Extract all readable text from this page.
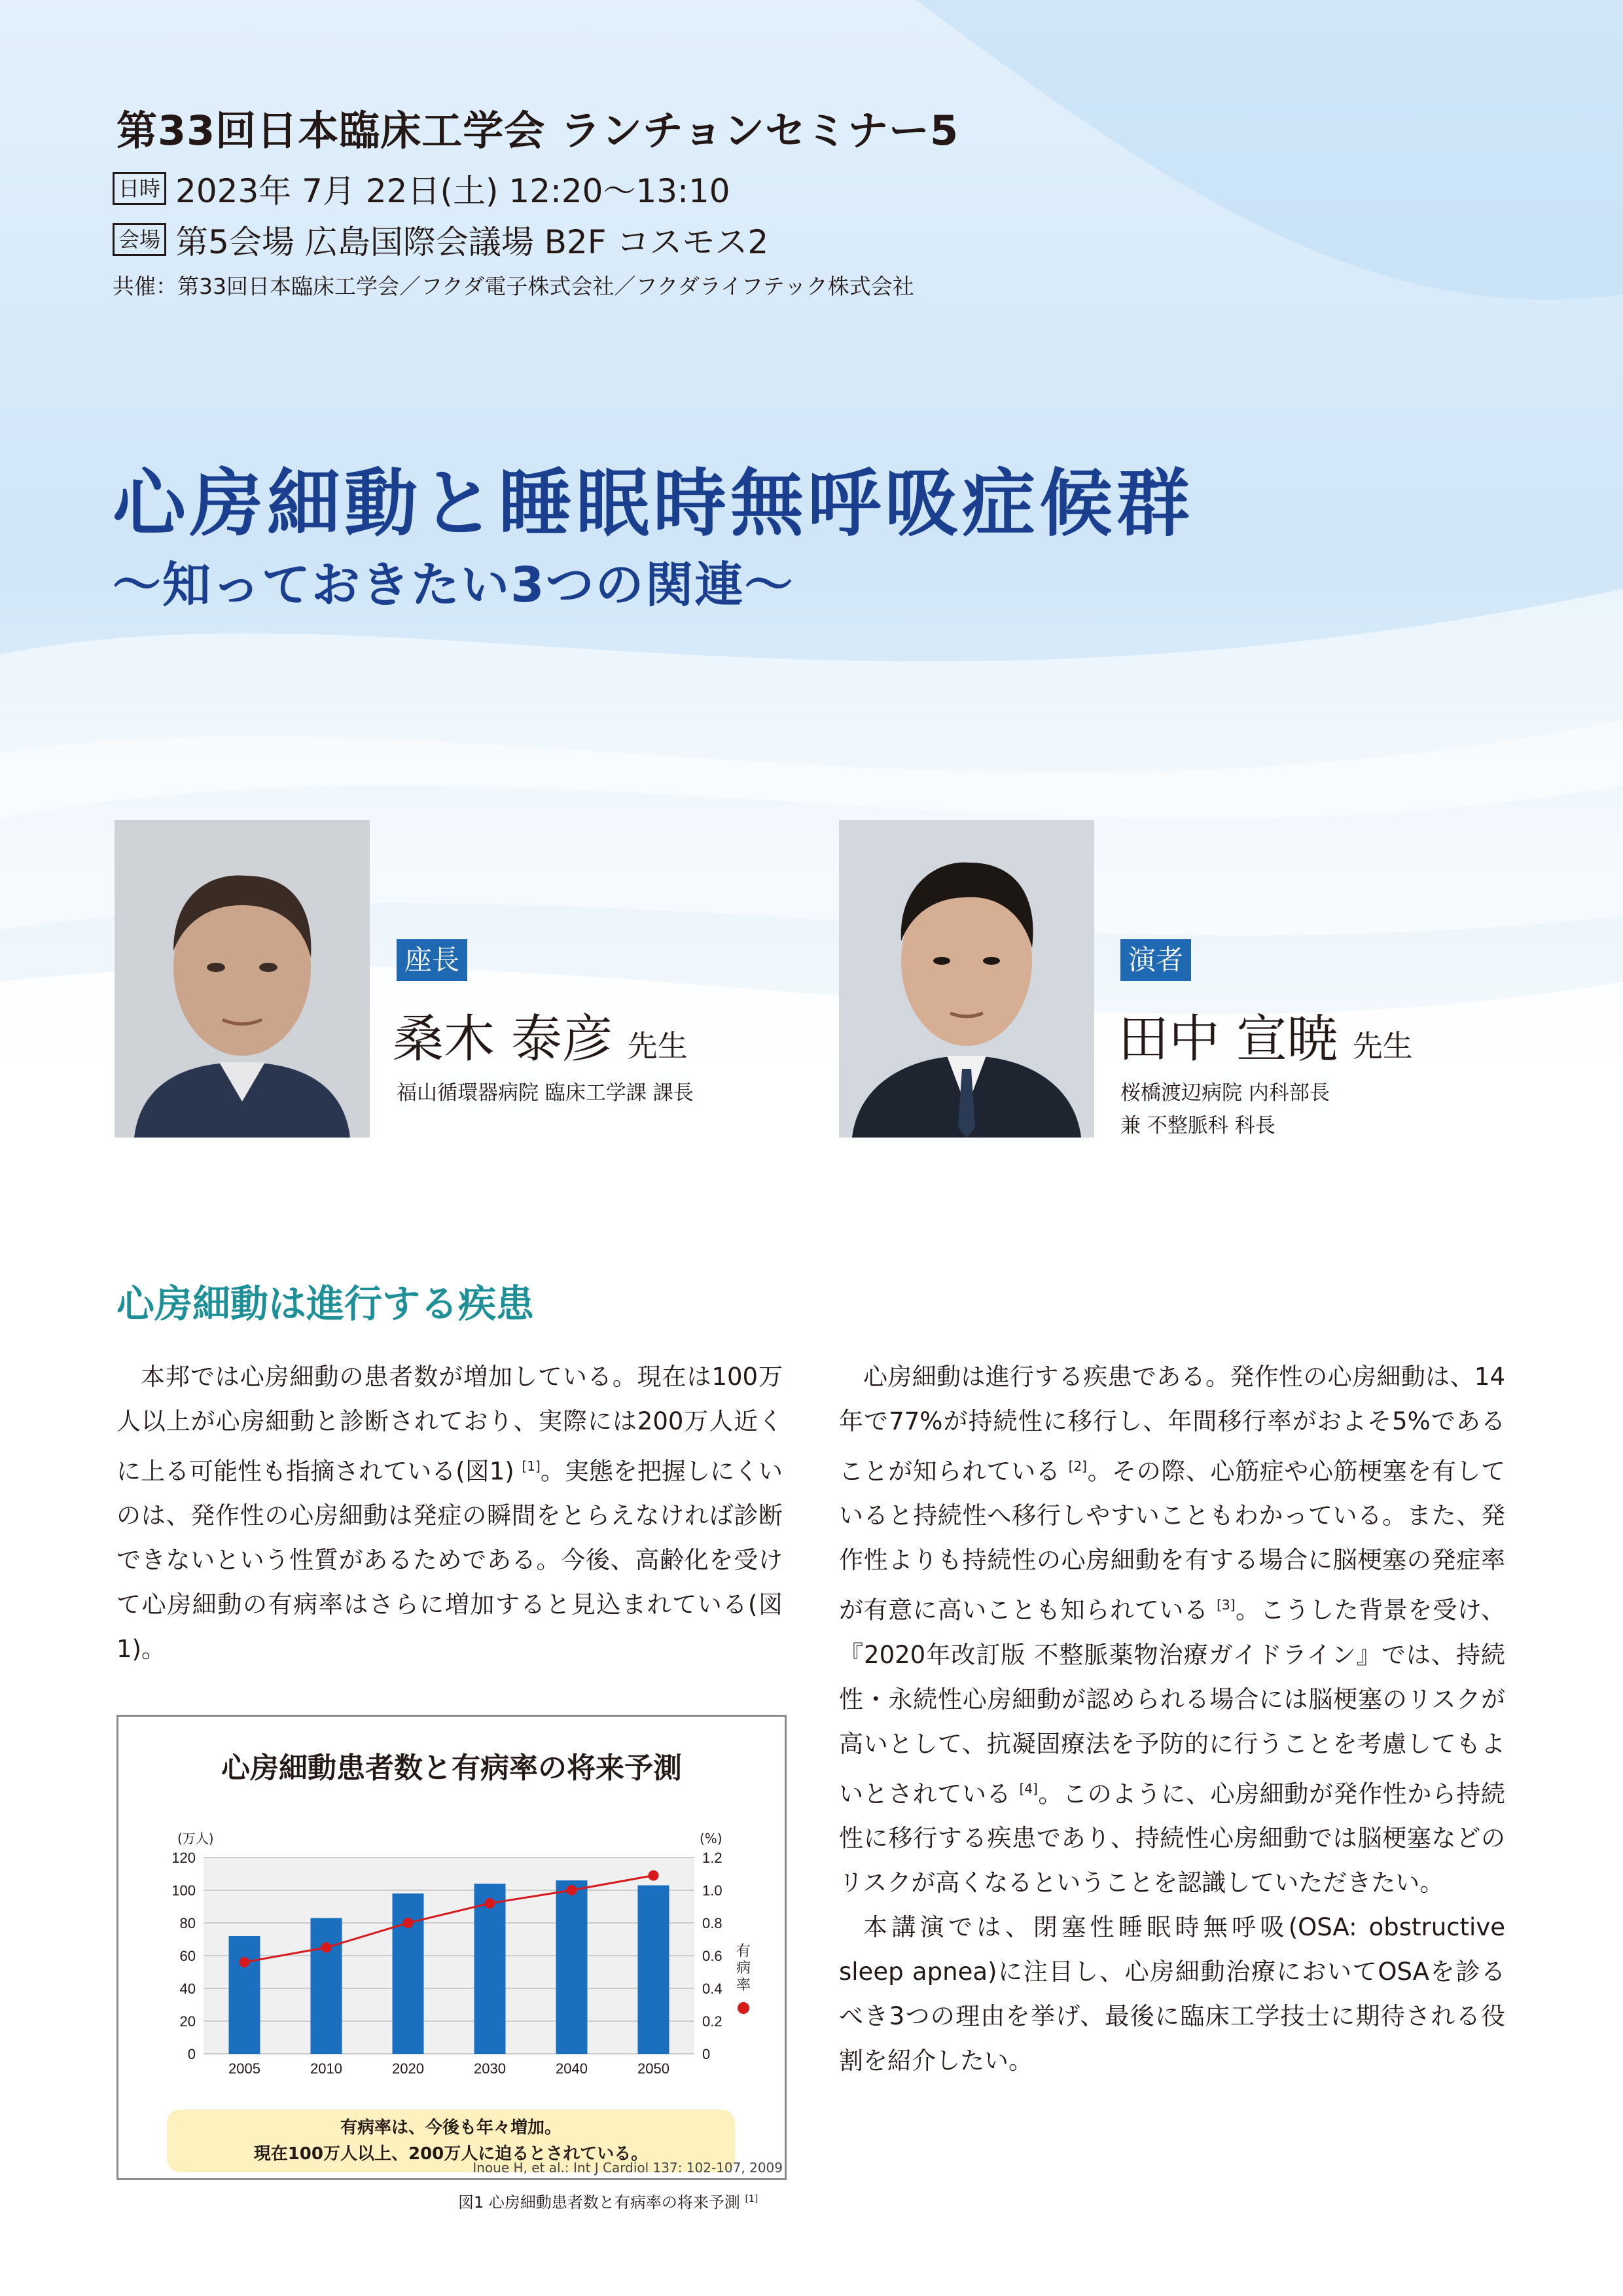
第33回日本臨床工学会 ランチョンセミナー5
日時 2023年 7月 22日(土) 12:20～13:10
会場 第5会場 広島国際会議場 B2F コスモス2
共催：第33回日本臨床工学会／フクダ電子株式会社／フクダライフテック株式会社
心房細動と睡眠時無呼吸症候群
～知っておきたい3つの関連～
座長
桑木 泰彦 先生
福山循環器病院 臨床工学課 課長
演者
田中 宣暁 先生
桜橋渡辺病院 内科部長
兼 不整脈科 科長
心房細動は進行する疾患

本邦では心房細動の患者数が増加している。現在は100万人以上が心房細動と診断されており、実際には200万人近くに上る可能性も指摘されている(図1) [1]。実態を把握しにくいのは、発作性の心房細動は発症の瞬間をとらえなければ診断できないという性質があるためである。今後、高齢化を受けて心房細動の有病率はさらに増加すると見込まれている(図1)。

心房細動は進行する疾患である。発作性の心房細動は、14年で77%が持続性に移行し、年間移行率がおよそ5%であることが知られている [2]。その際、心筋症や心筋梗塞を有していると持続性へ移行しやすいこともわかっている。また、発作性よりも持続性の心房細動を有する場合に脳梗塞の発症率が有意に高いことも知られている [3]。こうした背景を受け、『2020年改訂版 不整脈薬物治療ガイドライン』では、持続性・永続性心房細動が認められる場合には脳梗塞のリスクが高いとして、抗凝固療法を予防的に行うことを考慮してもよいとされている [4]。このように、心房細動が発作性から持続性に移行する疾患であり、持続性心房細動では脳梗塞などのリスクが高くなるということを認識していただきたい。

本講演では、閉塞性睡眠時無呼吸(OSA: obstructive sleep apnea)に注目し、心房細動治療においてOSAを診るべき3つの理由を挙げ、最後に臨床工学技士に期待される役割を紹介したい。

心房細動患者数と有病率の将来予測
0	0
20	0.2
40	0.4
60	0.6
80	0.8
100	1.0
120	1.2
(万人)	(%)
2005	2010	2020	2030	2040	2050
有
病
率
有病率は、今後も年々増加。
現在100万人以上、200万人に迫るとされている。
Inoue H, et al.: Int J Cardiol 137: 102-107, 2009
図1 心房細動患者数と有病率の将来予測 [1]
